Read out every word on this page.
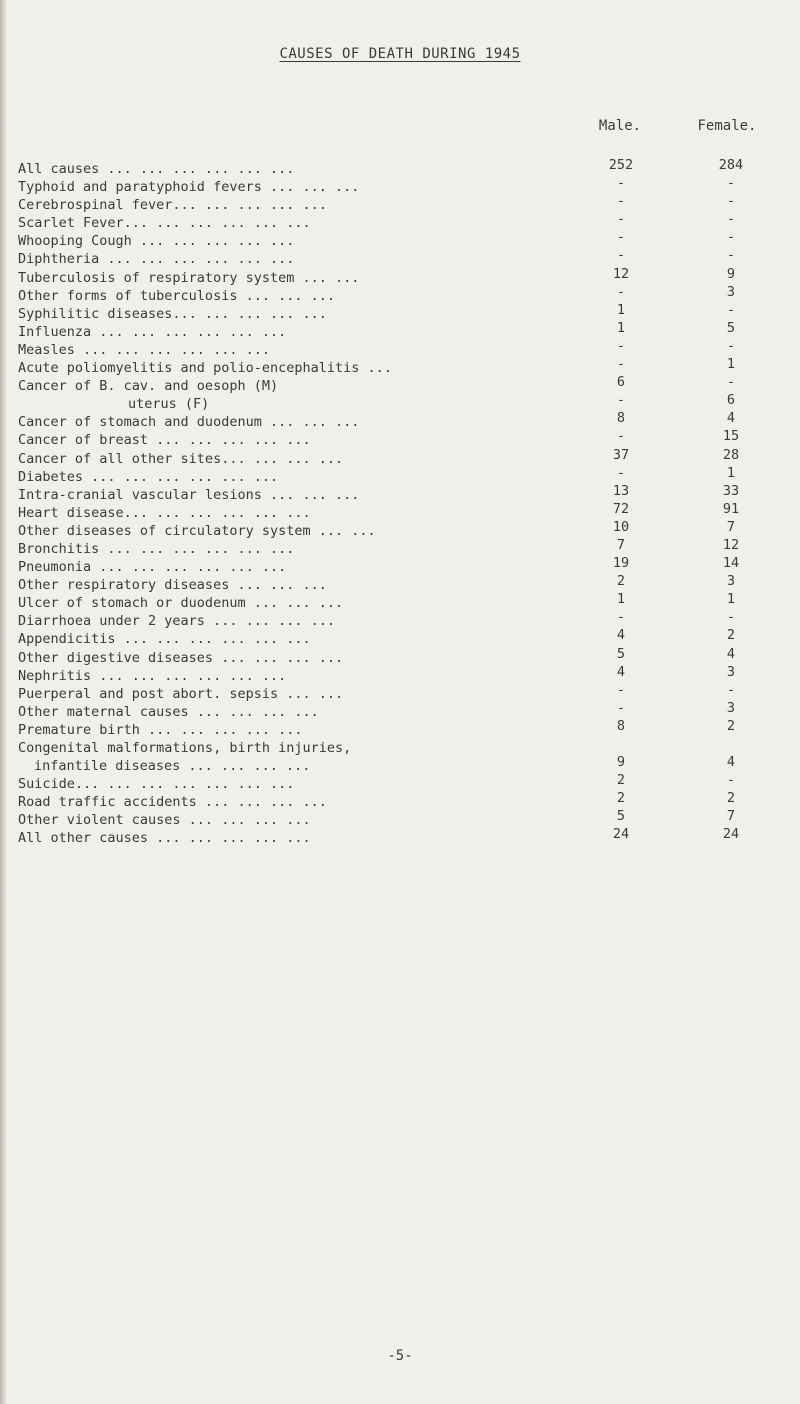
CAUSES OF DEATH DURING 1945
Male.	Female.
All causes ... ... ... ... ... ...	252	284
Typhoid and paratyphoid fevers ... ... ...	-	-
Cerebrospinal fever... ... ... ... ...	-	-
Scarlet Fever... ... ... ... ... ...	-	-
Whooping Cough ... ... ... ... ...	-	-
Diphtheria ... ... ... ... ... ...	-	-
Tuberculosis of respiratory system ... ...	12	9
Other forms of tuberculosis ... ... ...	-	3
Syphilitic diseases... ... ... ... ...	1	-
Influenza ... ... ... ... ... ...	1	5
Measles ... ... ... ... ... ...	-	-
Acute poliomyelitis and polio-encephalitis ...	-	1
Cancer of B. cav. and oesoph (M)	6	-
uterus (F)	-	6
Cancer of stomach and duodenum ... ... ...	8	4
Cancer of breast ... ... ... ... ...	-	15
Cancer of all other sites... ... ... ...	37	28
Diabetes ... ... ... ... ... ...	-	1
Intra-cranial vascular lesions ... ... ...	13	33
Heart disease... ... ... ... ... ...	72	91
Other diseases of circulatory system ... ...	10	7
Bronchitis ... ... ... ... ... ...	7	12
Pneumonia ... ... ... ... ... ...	19	14
Other respiratory diseases ... ... ...	2	3
Ulcer of stomach or duodenum ... ... ...	1	1
Diarrhoea under 2 years ... ... ... ...	-	-
Appendicitis ... ... ... ... ... ...	4	2
Other digestive diseases ... ... ... ...	5	4
Nephritis ... ... ... ... ... ...	4	3
Puerperal and post abort. sepsis ... ...	-	-
Other maternal causes ... ... ... ...	-	3
Premature birth ... ... ... ... ...	8	2
Congenital malformations, birth injuries,
infantile diseases ... ... ... ...	9	4
Suicide... ... ... ... ... ... ...	2	-
Road traffic accidents ... ... ... ...	2	2
Other violent causes ... ... ... ...	5	7
All other causes ... ... ... ... ...	24	24
-5-
